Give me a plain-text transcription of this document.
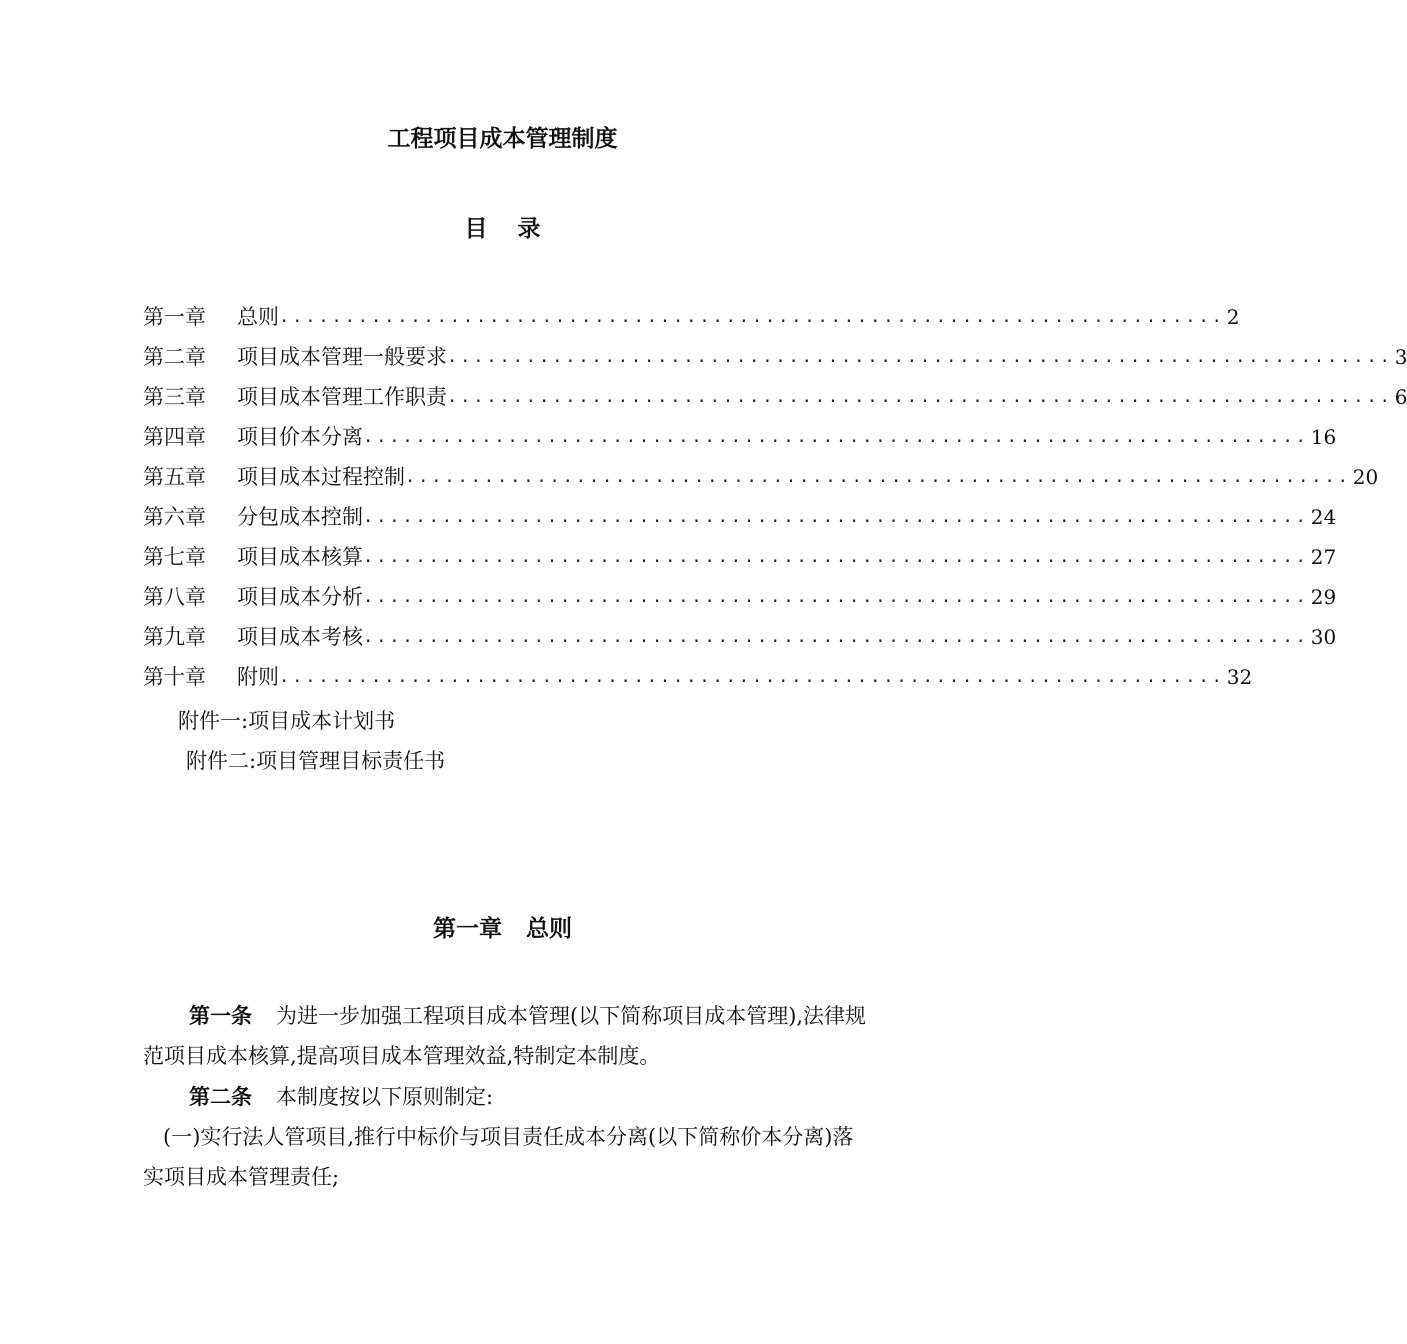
工程项目成本管理制度
目 录
第一章	总则 ........................................................................ 2
第二章	项目成本管理一般要求 ........................................................................ 3
第三章	项目成本管理工作职责 ........................................................................ 6
第四章	项目价本分离 ........................................................................ 16
第五章	项目成本过程控制 ........................................................................ 20
第六章	分包成本控制 ........................................................................ 24
第七章	项目成本核算 ........................................................................ 27
第八章	项目成本分析 ........................................................................ 29
第九章	项目成本考核 ........................................................................ 30
第十章	附则 ........................................................................ 32
附件一:项目成本计划书
附件二:项目管理目标责任书
第一章 总则
第一条 为进一步加强工程项目成本管理(以下简称项目成本管理),法律规范项目成本核算,提高项目成本管理效益,特制定本制度。
第二条 本制度按以下原则制定:
(一)实行法人管项目,推行中标价与项目责任成本分离(以下简称价本分离)落实项目成本管理责任;
